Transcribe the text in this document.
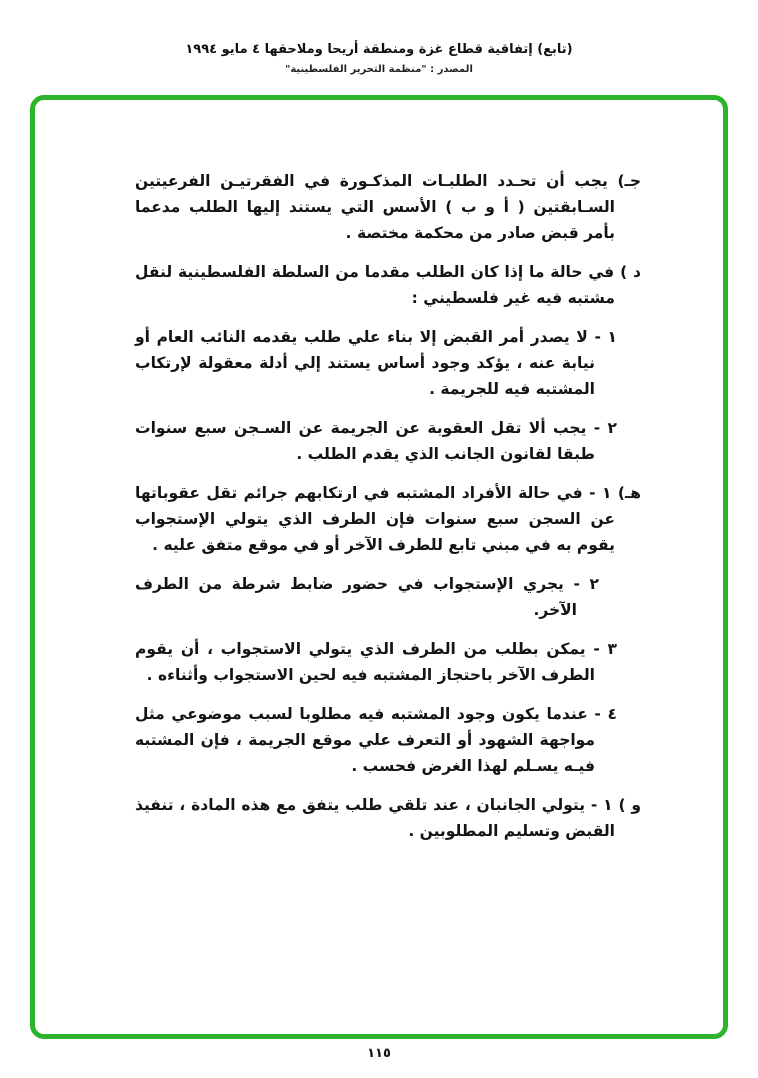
(تابع) إتفاقية قطاع غزة ومنطقة أريحا وملاحقها ٤ مايو ١٩٩٤
المصدر : "منظمة التحرير الفلسطينية"
جـ) يجب أن تحـدد الطلبـات المذكـورة في الفقرتيـن الفرعيتين السـابقتين ( أ و ب ) الأسس التي يستند إليها الطلب مدعما بأمر قبض صادر من محكمة مختصة .
د ) في حالة ما إذا كان الطلب مقدما من السلطة الفلسطينية لنقل مشتبه فيه غير فلسطيني :
١ - لا يصدر أمر القبض إلا بناء علي طلب يقدمه النائب العام أو نيابة عنه ، يؤكد وجود أساس يستند إلي أدلة معقولة لإرتكاب المشتبه فيه للجريمة .
٢ - يجب ألا تقل العقوبة عن الجريمة عن السـجن سبع سنوات طبقا لقانون الجانب الذي يقدم الطلب .
هـ) ١ - في حالة الأفراد المشتبه في ارتكابهم جرائم تقل عقوباتها عن السجن سبع سنوات فإن الطرف الذي يتولي الإستجواب يقوم به في مبني تابع للطرف الآخر أو في موقع متفق عليه .
٢ - يجري الإستجواب في حضور ضابط شرطة من الطرف الآخر.
٣ - يمكن بطلب من الطرف الذي يتولي الاستجواب ، أن يقوم الطرف الآخر باحتجاز المشتبه فيه لحين الاستجواب وأثناءه .
٤ - عندما يكون وجود المشتبه فيه مطلوبا لسبب موضوعي مثل مواجهة الشهود أو التعرف علي موقع الجريمة ، فإن المشتبه فيـه يسـلم لهذا الغرض فحسب .
و ) ١ - يتولي الجانبان ، عند تلقي طلب يتفق مع هذه المادة ، تنفيذ القبض وتسليم المطلوبين .
١١٥
